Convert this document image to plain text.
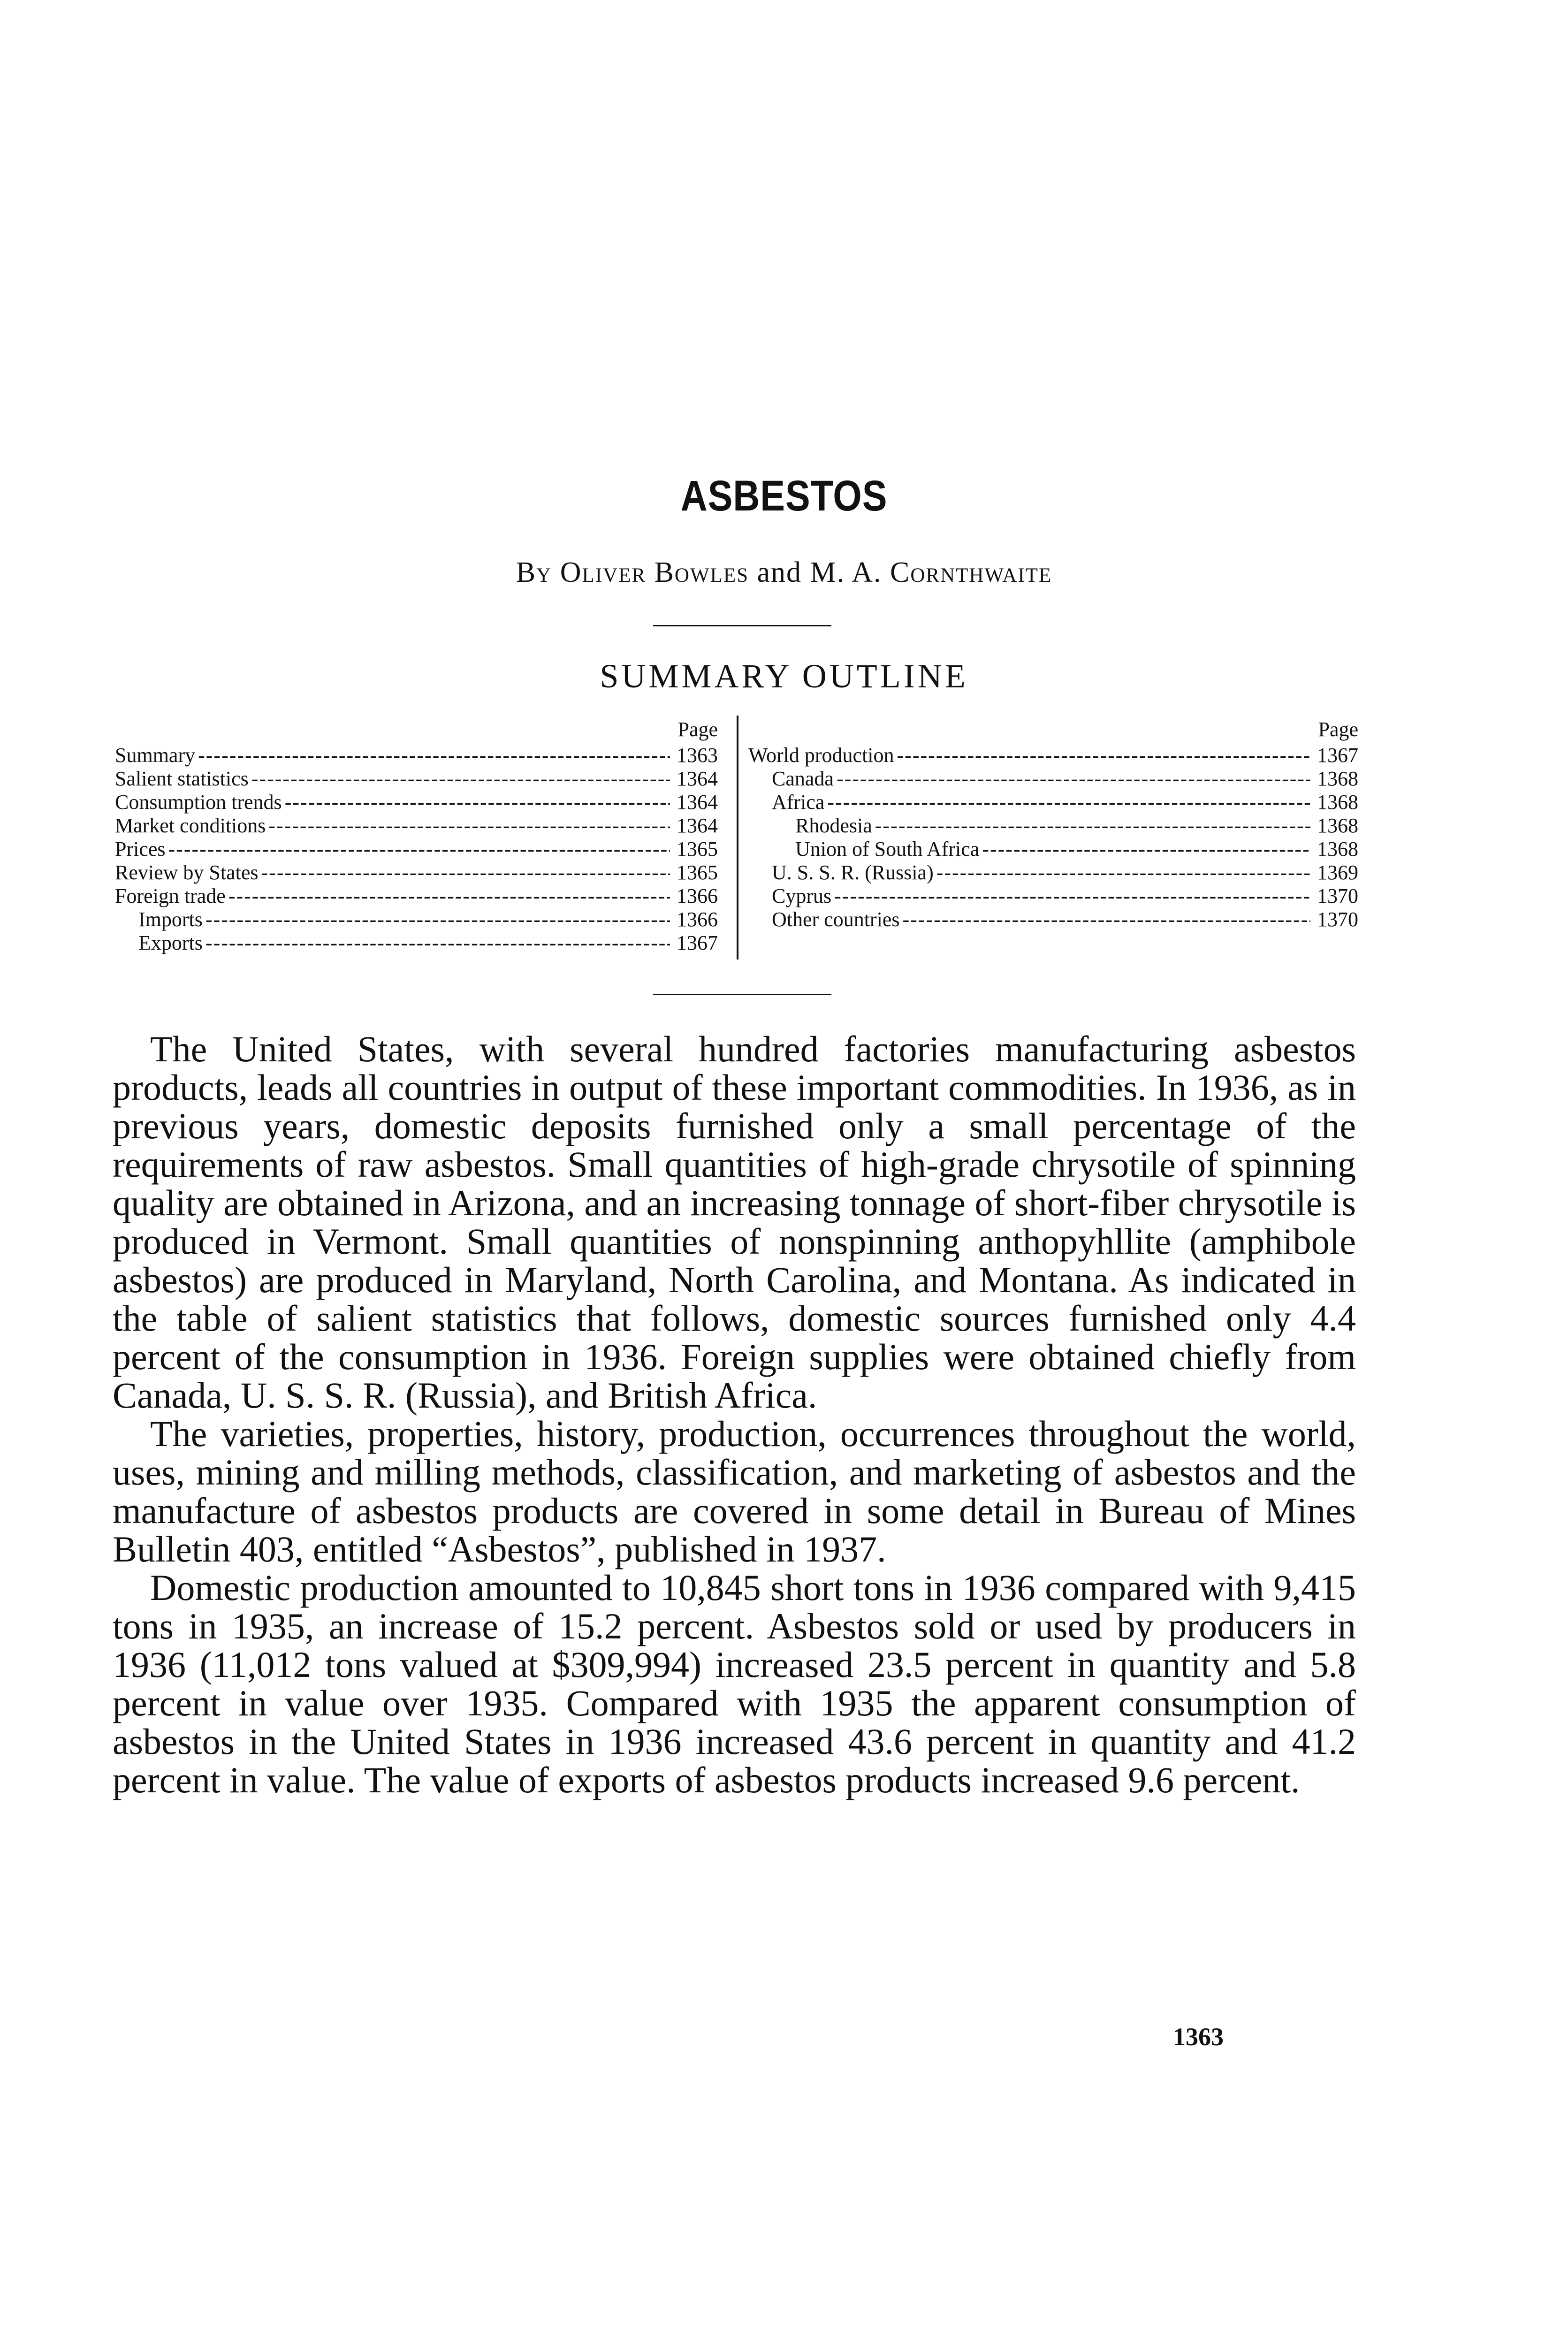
ASBESTOS
By Oliver Bowles and M. A. Cornthwaite
SUMMARY OUTLINE
Page
Summary -----	1363
Salient statistics -----	1364
Consumption trends -----	1364
Market conditions -----	1364
Prices -----	1365
Review by States -----	1365
Foreign trade -----	1366
Imports -----	1366
Exports -----	1367
Page
World production -----	1367
Canada -----	1368
Africa -----	1368
Rhodesia -----	1368
Union of South Africa -----	1368
U. S. S. R. (Russia) -----	1369
Cyprus -----	1370
Other countries -----	1370

The United States, with several hundred factories manufacturing asbestos products, leads all countries in output of these important commodities. In 1936, as in previous years, domestic deposits furnished only a small percentage of the requirements of raw asbestos. Small quantities of high-grade chrysotile of spinning quality are obtained in Arizona, and an increasing tonnage of short-fiber chrysotile is produced in Vermont. Small quantities of nonspinning anthopyhllite (amphibole asbestos) are produced in Maryland, North Carolina, and Montana. As indicated in the table of salient statistics that follows, domestic sources furnished only 4.4 percent of the consumption in 1936. Foreign supplies were obtained chiefly from Canada, U. S. S. R. (Russia), and British Africa.

The varieties, properties, history, production, occurrences throughout the world, uses, mining and milling methods, classification, and marketing of asbestos and the manufacture of asbestos products are covered in some detail in Bureau of Mines Bulletin 403, entitled “Asbestos”, published in 1937.

Domestic production amounted to 10,845 short tons in 1936 compared with 9,415 tons in 1935, an increase of 15.2 percent. Asbestos sold or used by producers in 1936 (11,012 tons valued at $309,994) increased 23.5 percent in quantity and 5.8 percent in value over 1935. Compared with 1935 the apparent consumption of asbestos in the United States in 1936 increased 43.6 percent in quantity and 41.2 percent in value. The value of exports of asbestos products increased 9.6 percent.

1363
